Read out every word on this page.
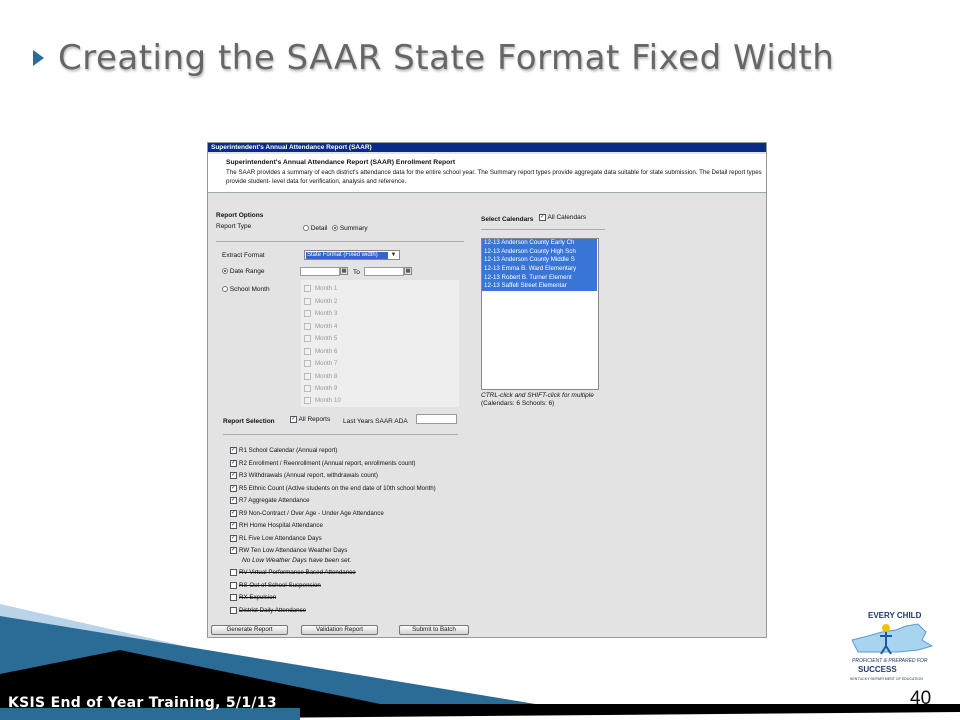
Creating the SAAR State Format Fixed Width
Superintendent's Annual Attendance Report (SAAR)
Superintendent's Annual Attendance Report (SAAR) Enrollment Report
The SAAR provides a summary of each district's attendance data for the entire school year. The Summary report types provide aggregate data suitable for state submission. The Detail report types provide student- level data for verification, analysis and reference.
Report Options
Report Type	Detail	Summary
Extract Format	State Format (Fixed width)	▼
Date Range	▦ To	▦
School Month	Month 1
Month 2
Month 3
Month 4
Month 5
Month 6
Month 7
Month 8
Month 9
Month 10
Report Selection	✓ All Reports Last Years SAAR ADA
✓ R1 School Calendar (Annual report)
✓ R2 Enrollment / Reenrollment (Annual report, enrollments count)
✓ R3 Withdrawals (Annual report, withdrawals count)
✓ R5 Ethnic Count (Active students on the end date of 10th school Month)
✓ R7 Aggregate Attendance
✓ R9 Non-Contract / Over Age - Under Age Attendance
✓ RH Home Hospital Attendance
✓ RL Five Low Attendance Days
✓ RW Ten Low Attendance Weather Days
No Low Weather Days have been set.
RV Virtual Performance Based Attendance
RS Out of School Suspension
RX Expulsion
District Daily Attendance
Generate Report	Validation Report	Submit to Batch
Select Calendars ✓ All Calendars
12-13 Anderson County Early Ch
12-13 Anderson County High Sch
12-13 Anderson County Middle S
12-13 Emma B. Ward Elementary
12-13 Robert B. Turner Element
12-13 Saffell Street Elementar
CTRL-click and SHIFT-click for multiple
(Calendars: 6 Schools: 6)
KSIS End of Year Training, 5/1/13	40
EVERY CHILD
PROFICIENT & PREPARED FOR
SUCCESS
KENTUCKY DEPARTMENT OF EDUCATION
